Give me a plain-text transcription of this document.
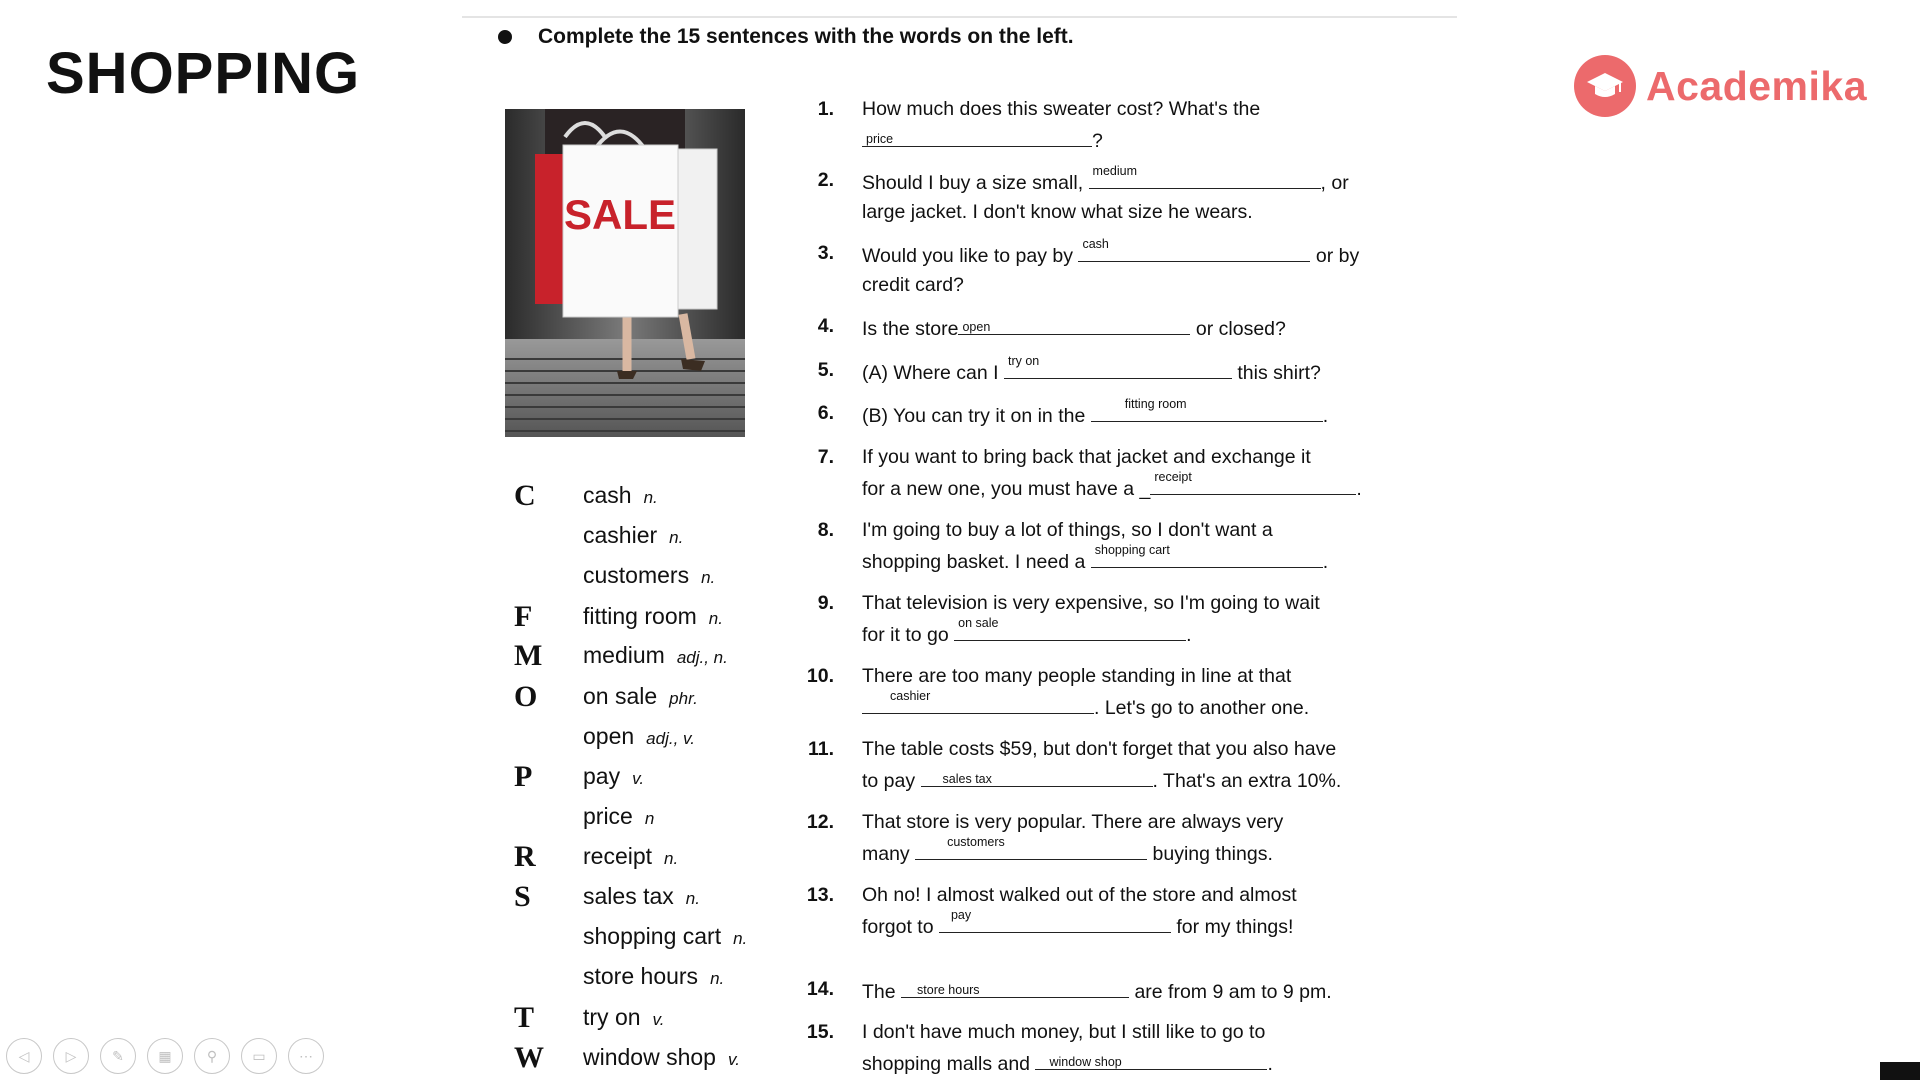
SHOPPING	Academika
Complete the 15 sentences with the words on the left.
SALE
C cash n.
cashier n.
customers n.
F fitting room n.
M medium adj., n.
O on sale phr.
open adj., v.
P pay v.
price n
R receipt n.
S sales tax n.
shopping cart n.
store hours n.
T try on v.
W window shop v.
1. How much does this sweater cost? What's the
price	?
2. Should I buy a size small,
medium
, or
large jacket. I don't know what size he wears.
3. Would you like to pay by
cash
or by
credit card?
4. Is the store open	or closed?
5. (A) Where can I
try on
this shirt?
6. (B) You can try it on in the
fitting room
.
7. If you want to bring back that jacket and exchange it
for a new one, you must have a _
receipt
.
8. I'm going to buy a lot of things, so I don't want a
shopping basket. I need a
shopping cart
.
9. That television is very expensive, so I'm going to wait
for it to go
on sale
.
10. There are too many people standing in line at that
cashier
. Let's go to another one.
11. The table costs $59, but don't forget that you also have
to pay sales tax	. That's an extra 10%.
12. That store is very popular. There are always very
many
customers
buying things.
13. Oh no! I almost walked out of the store and almost
forgot to
pay
for my things!
14. The store hours	are from 9 am to 9 pm.
15. I don't have much money, but I still like to go to
shopping malls and window shop	.
◁	▷	✎	▦	⚲	▭	⋯
